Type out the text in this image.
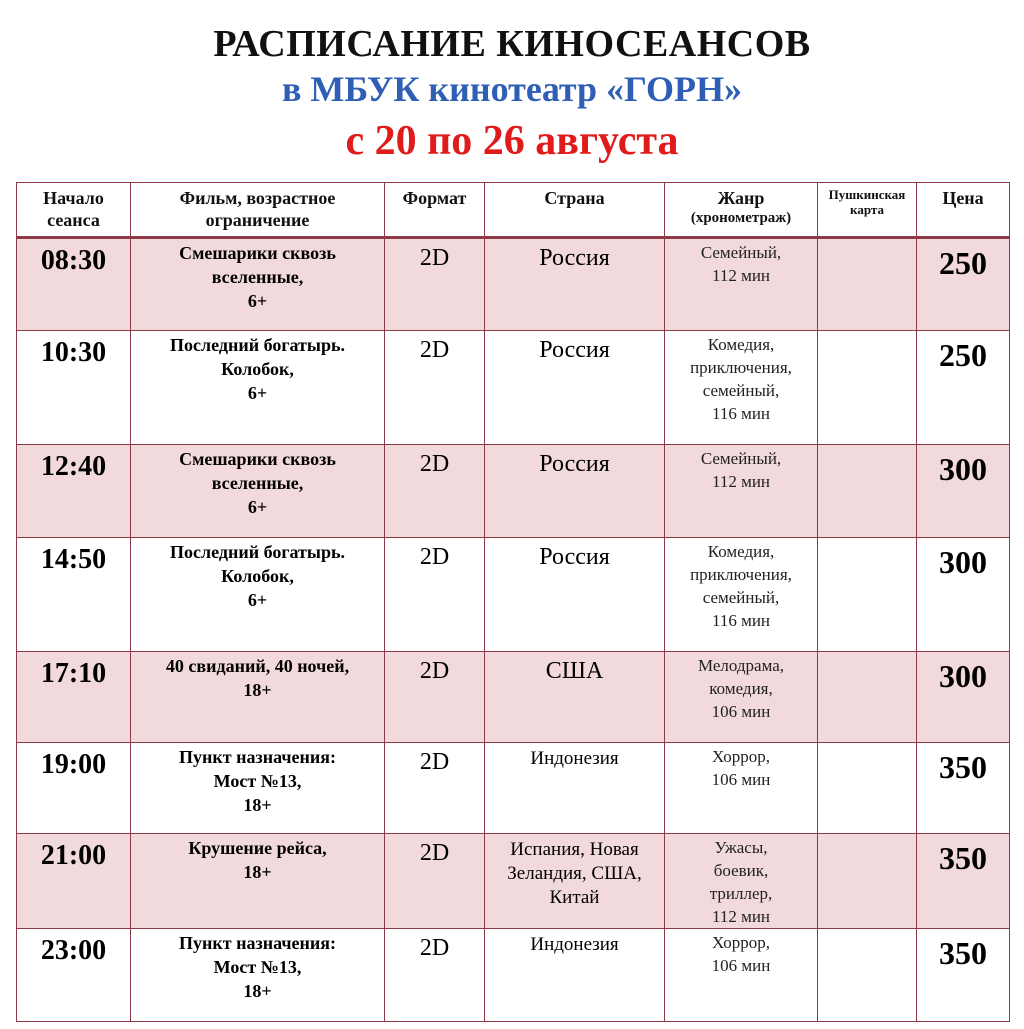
РАСПИСАНИЕ КИНОСЕАНСОВ
в МБУК кинотеатр «ГОРН»
с 20 по 26 августа
Начало сеанса	Фильм, возрастное ограничение	Формат	Страна	Жанр
(хронометраж)	Пушкинская карта	Цена
08:30	Смешарики сквозь
вселенные,
6+	2D	Россия	Семейный,
112 мин		250
10:30	Последний богатырь.
Колобок,
6+	2D	Россия	Комедия,
приключения,
семейный,
116 мин		250
12:40	Смешарики сквозь
вселенные,
6+	2D	Россия	Семейный,
112 мин		300
14:50	Последний богатырь.
Колобок,
6+	2D	Россия	Комедия,
приключения,
семейный,
116 мин		300
17:10	40 свиданий, 40 ночей,
18+	2D	США	Мелодрама,
комедия,
106 мин		300
19:00	Пункт назначения:
Мост №13,
18+	2D	Индонезия	Хоррор,
106 мин		350
21:00	Крушение рейса,
18+	2D	Испания, Новая
Зеландия, США,
Китай	Ужасы,
боевик,
триллер,
112 мин		350
23:00	Пункт назначения:
Мост №13,
18+	2D	Индонезия	Хоррор,
106 мин		350
